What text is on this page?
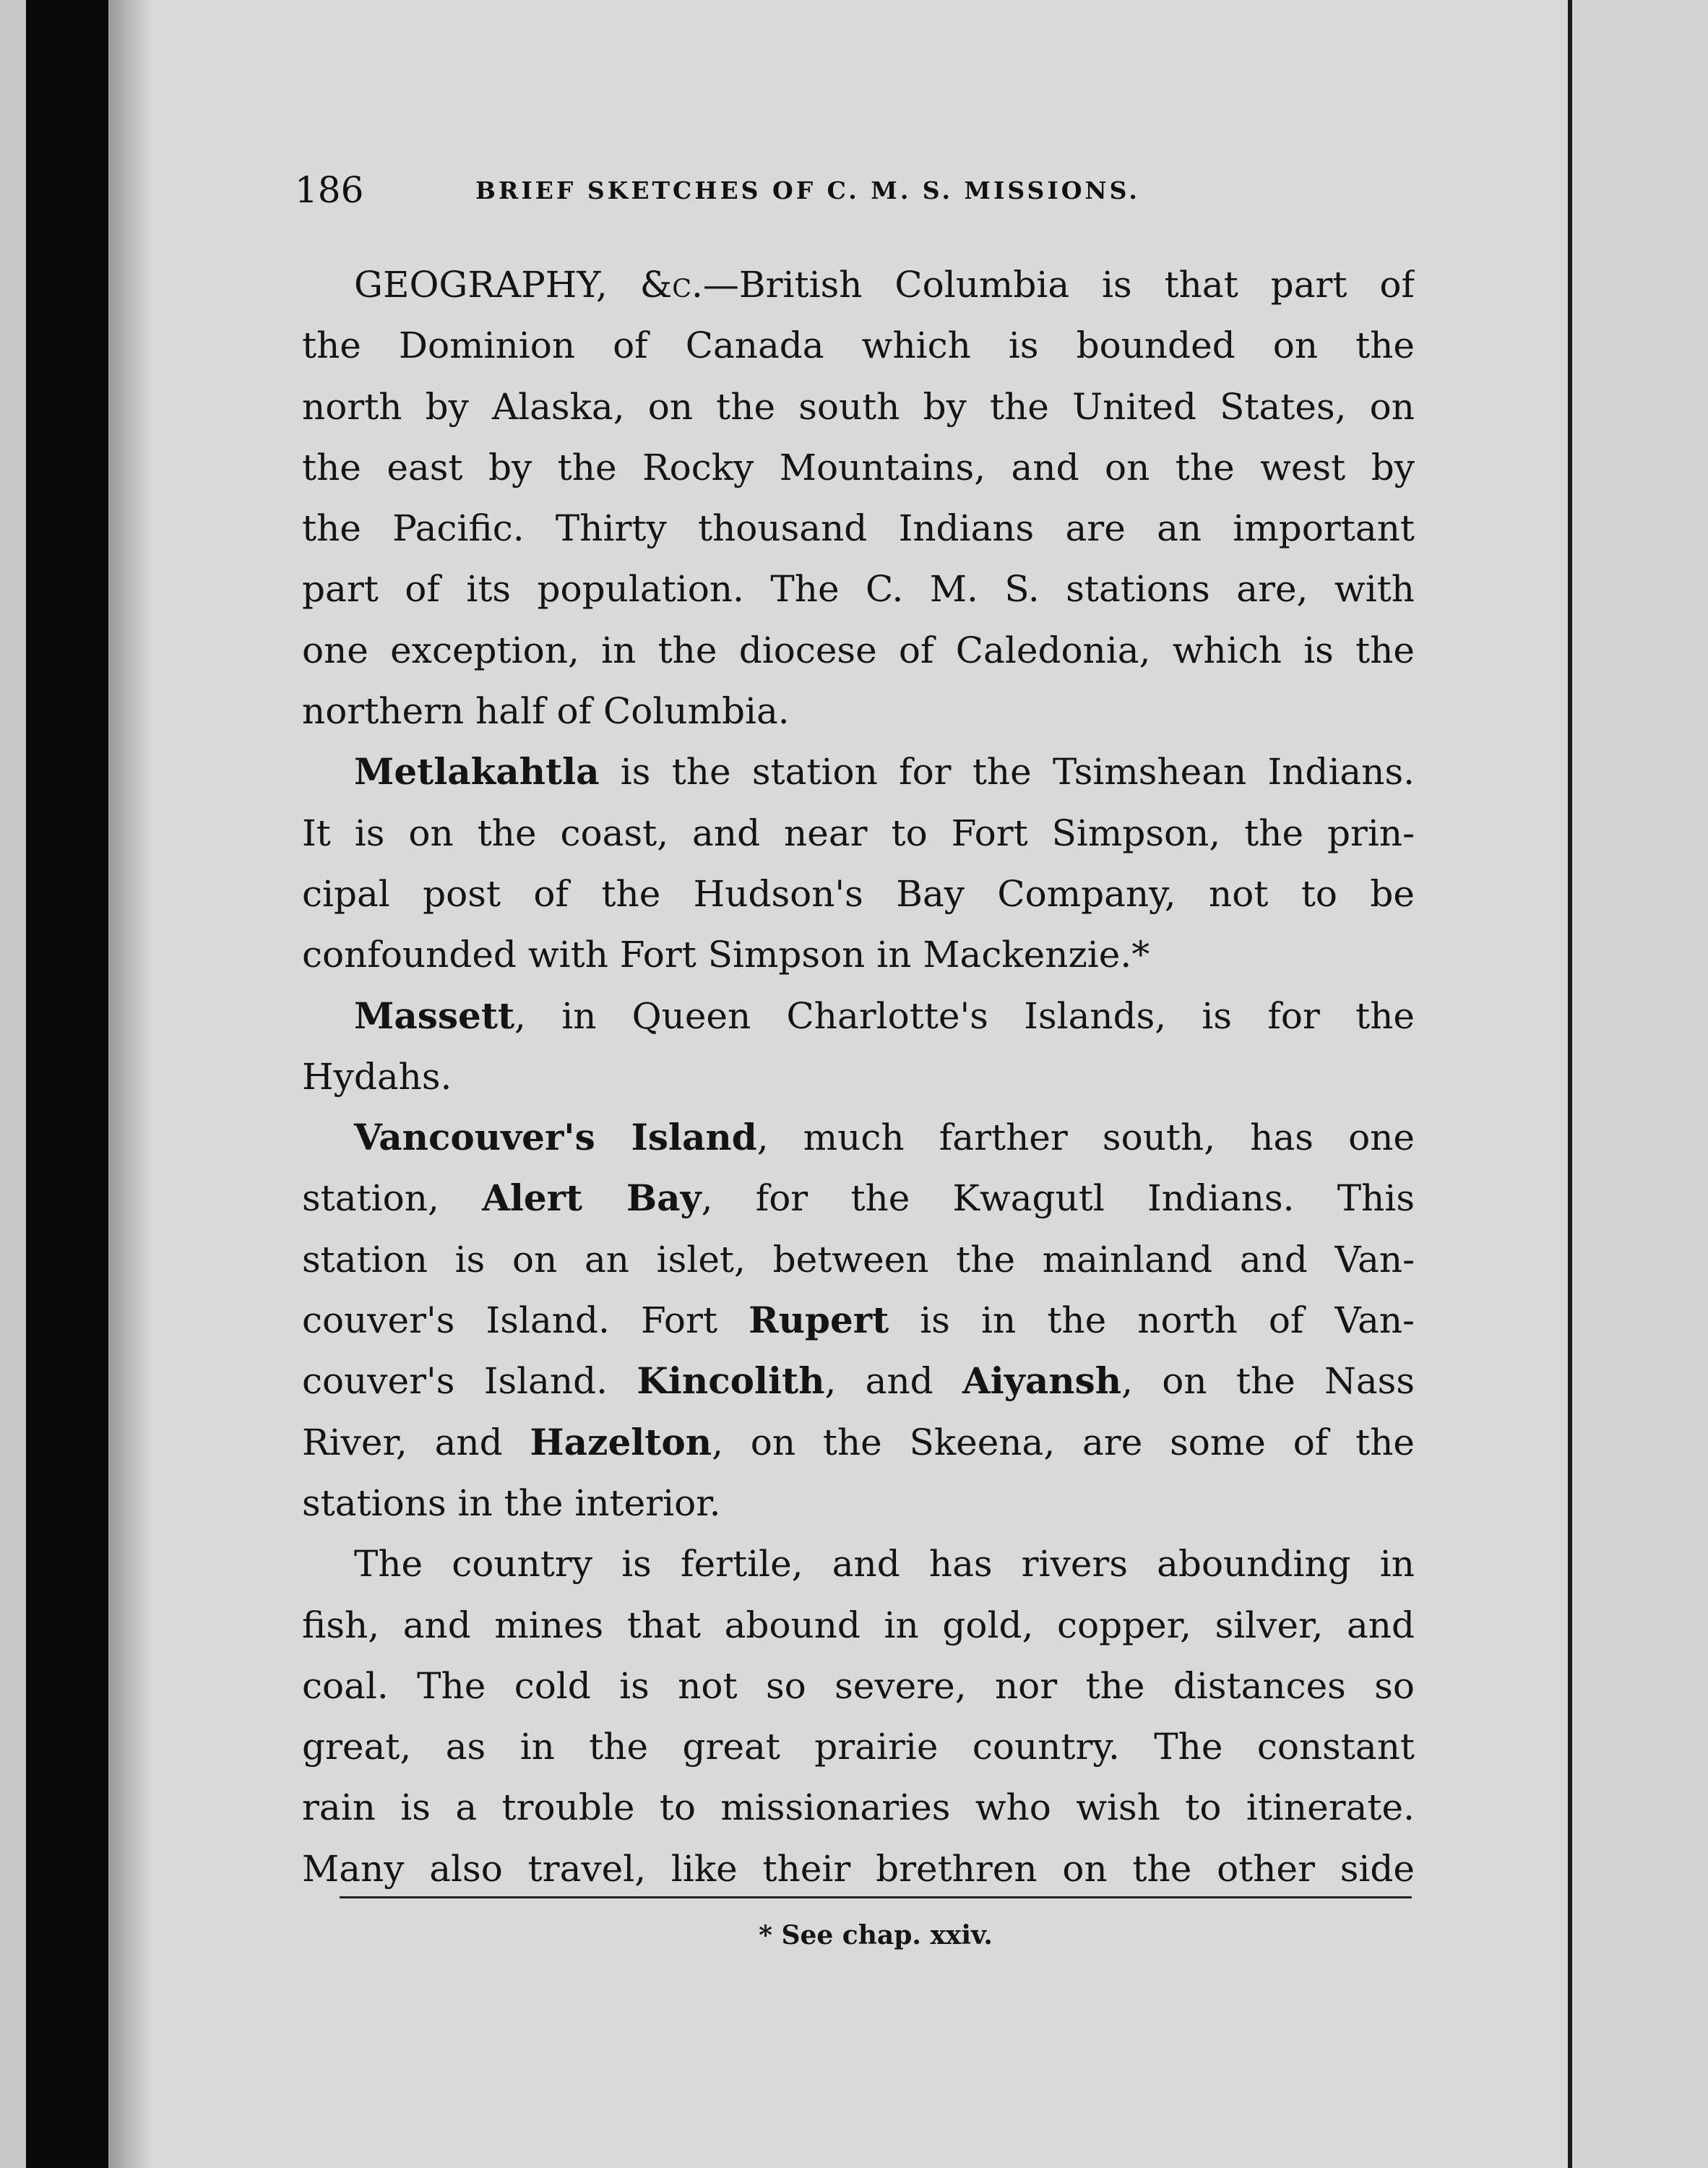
186	BRIEF SKETCHES OF C. M. S. MISSIONS.
GEOGRAPHY, &c.—British Columbia is that part of
the Dominion of Canada which is bounded on the
north by Alaska, on the south by the United States, on
the east by the Rocky Mountains, and on the west by
the Pacific. Thirty thousand Indians are an important
part of its population. The C. M. S. stations are, with
one exception, in the diocese of Caledonia, which is the
northern half of Columbia.
Metlakahtla is the station for the Tsimshean Indians.
It is on the coast, and near to Fort Simpson, the prin-
cipal post of the Hudson's Bay Company, not to be
confounded with Fort Simpson in Mackenzie.*
Massett, in Queen Charlotte's Islands, is for the
Hydahs.
Vancouver's Island, much farther south, has one
station, Alert Bay, for the Kwagutl Indians. This
station is on an islet, between the mainland and Van-
couver's Island. Fort Rupert is in the north of Van-
couver's Island. Kincolith, and Aiyansh, on the Nass
River, and Hazelton, on the Skeena, are some of the
stations in the interior.
The country is fertile, and has rivers abounding in
fish, and mines that abound in gold, copper, silver, and
coal. The cold is not so severe, nor the distances so
great, as in the great prairie country. The constant
rain is a trouble to missionaries who wish to itinerate.
Many also travel, like their brethren on the other side
* See chap. xxiv.
